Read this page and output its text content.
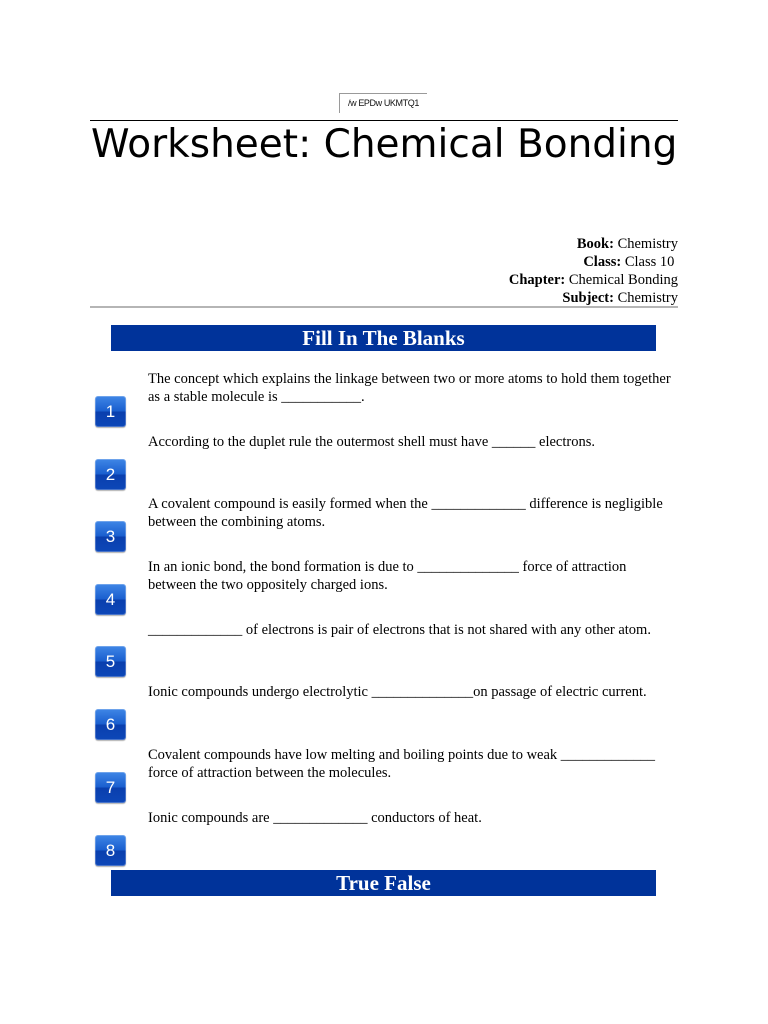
/w EPDw UKMTQ1
Worksheet: Chemical Bonding
Book: Chemistry
Class: Class 10
Chapter: Chemical Bonding
Subject: Chemistry
Fill In The Blanks
The concept which explains the linkage between two or more atoms to hold them together as a stable molecule is ___________.
1
According to the duplet rule the outermost shell must have ______ electrons.
2
A covalent compound is easily formed when the _____________ difference is negligible between the combining atoms.
3
In an ionic bond, the bond formation is due to ______________ force of attraction between the two oppositely charged ions.
4
_____________ of electrons is pair of electrons that is not shared with any other atom.
5
Ionic compounds undergo electrolytic ______________on passage of electric current.
6
Covalent compounds have low melting and boiling points due to weak _____________ force of attraction between the molecules.
7
Ionic compounds are _____________ conductors of heat.
8
True False
